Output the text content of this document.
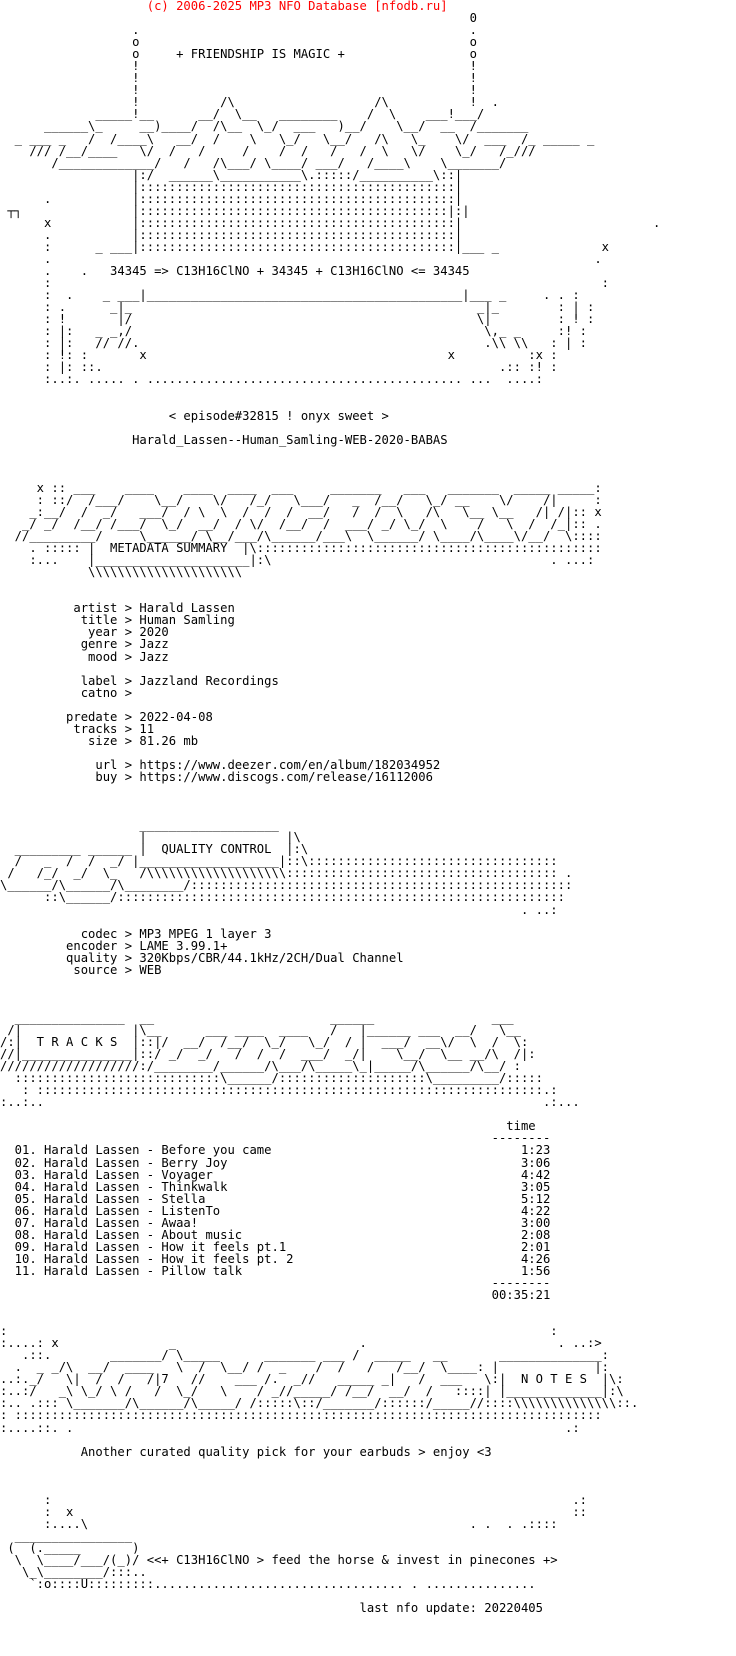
(c) 2006-2025 MP3 NFO Database [nfodb.ru]
0
.                                             .
o                                             o
o     + FRIENDSHIP IS MAGIC +                 o
!                                             !
!                                             !
!                                             !
!           /\                   /\           !  .
_____!__      __/  \__   ________    /  \    ___!___/
______\_     __)____/  /\__  \_/  ___   )__/    \__/  __  /_______
_ ___ _   /  /____\   __/  /    \   \_/   \__/   /\   \_    \/  ___  /_ _____ _
/// /__/____   \/  /   /     /    /  /   /   /  \   \/    \_/   /_///
/_____________/   /   /\___/ \____/ ___/   /____\    \_______/
|:/  ______\___________\.:::::/__________\::|
|:::::::::::::::::::::::::::::::::::::::::::|
.           |:::::::::::::::::::::::::::::::::::::::::::|
┬┐               |::::::::::::::::::::::::::::::::::::::::::|:|
x           |:::::::::::::::::::::::::::::::::::::::::::|                          .
.           |:::::::::::::::::::::::::::::::::::::::::::|
:      _ ___|:::::::::::::::::::::::::::::::::::::::::::|___ _              x
.                                                                          .
.    .   34345 => C13H16ClNO + 34345 + C13H16ClNO <= 34345
:                                                                           :
:  .    _ ___|___________________________________________|___ _     . . :
: .      _|_                                               _|_        : | :
: !       |/                                               \|         : ! :
: |:   _ _,/                                                \,_ _     :! :
: |:   // //.                                               .\\ \\   : | :
: !: :       x                                         x          :x :
: |: ::.                                                      .:: :! :
:..:. ..... . ........................................... ...  ....:

< episode#32815 ! onyx sweet >

Harald_Lassen--Human_Samling-WEB-2020-BABAS

x :: ___    ____    ____  ____  ___     _______   ___   _______  _____ _____:
: ::/  /___/    \__/    \/   /_/   \___/   _  /__/   \_/ __    \/    /|     :
_:__/  /  _/   ___/  / \  \  /  /  /  __/   /  /  \   /\   \__ \__   /| /|:: x
_/ _/  /__/ /___/  \_/  __/  / \/  /__/  /  ___/ _/ \_/  \    /   \  /  /_|:: .
//_________/     \______/ \__/___/\______/___\  \______/ \____/\____\/__/  \::::
. ::::: |  METADATA SUMMARY  |\:::::::::::::::::::::::::::::::::::::::::::::::
:...    |_____________________|:\                                      . ...:
\\\\\\\\\\\\\\\\\\\\\

artist > Harald Lassen
title > Human Samling
year > 2020
genre > Jazz
mood > Jazz

label > Jazzland Recordings
catno >

predate > 2022-04-08
tracks > 11
size > 81.26 mb

url > https://www.deezer.com/en/album/182034952
buy > https://www.discogs.com/release/16112006

___________________
|                   |\
_________ ______ |  QUALITY CONTROL  |:\
/   _  /  /  _/ |___________________|::\::::::::::::::::::::::::::::::::::
/   /_/  _/  \_   /\\\\\\\\\\\\\\\\\\\::::::::::::::::::::::::::::::::::::: .
\______/\______/\________/::::::::::::::::::::::::::::::::::::::::::::::::::::
::\______/:::::::::::::::::::::::::::::::::::::::::::::::::::::::::::::
. ..:

codec > MP3 MPEG 1 layer 3
encoder > LAME 3.99.1+
quality > 320Kbps/CBR/44.1kHz/2CH/Dual Channel
source > WEB

_______________  __                        ______                ___
/|               |\__      ___ ____  ____   /   |______ ___  __/   \__
/:|  T R A C K S  |::|/  __/  /__/  \_/   \_/  / |  ___/  __\/  \  /  \:
//|_______________|::/ _/  _/   /  /  /  ___/  _/|    \__/  \__ __/\  /|:
///////////////////:/________/______/\___/\_____\_|_____/\______/\__/ :
::::::::::::::::::::::::::::\______/::::::::::::::::::::\_________/:::::
: :::::::::::::::::::::::::::::::::::::::::::::::::::::::::::::::::::::.:
:..:..                                                                    .:...

time
--------
01. Harald Lassen - Before you came                                  1:23
02. Harald Lassen - Berry Joy                                        3:06
03. Harald Lassen - Voyager                                          4:42
04. Harald Lassen - Thinkwalk                                        3:05
05. Harald Lassen - Stella                                           5:12
06. Harald Lassen - ListenTo                                         4:22
07. Harald Lassen - Awaa!                                            3:00
08. Harald Lassen - About music                                      2:08
09. Harald Lassen - How it feels pt.1                                2:01
10. Harald Lassen - How it feels pt. 2                               4:26
11. Harald Lassen - Pillow talk                                      1:56
--------
00:35:21

:                                                                          :
:....: x               _                         .                          . ..:>
.::.        _______/ \_____      _______ ___ /  _____   __       ______________:
.  _ _/\  __/  ____   \  /  \__/ /  _    /  /   /   /__/  \____: |             |:
..:._/   \|  /  /   /|7   //    ___ /.  _//   _____ _|   /  ___   \:|  N O T E S  |\:
:..:/   _\ \_/ \ /   /  \_/   \    / _//_____/ /__/  __/  /   ::::| |_____________|:\
:.. .::: \_______/\______/\_____/ /:::::\::/_______/::::::/_____//::::\\\\\\\\\\\\\\::.
: ::::::::::::::::::::::::::::::::::::::::::::::::::::::::::::::::::::::::::::::::
:....::. .                                                                   .:

Another curated quality pick for your earbuds > enjoy <3

:                                                                       .:
:  x                                                                    ::
:....\                                                    . .  . .::::
________________
(  (._____       )
\  \____/___/(_)/ <<+ C13H16ClNO > feed the horse & invest in pinecones +>
\_\________/:::..
`:o::::U:::::::::.................................. . ...............

last nfo update: 20220405
